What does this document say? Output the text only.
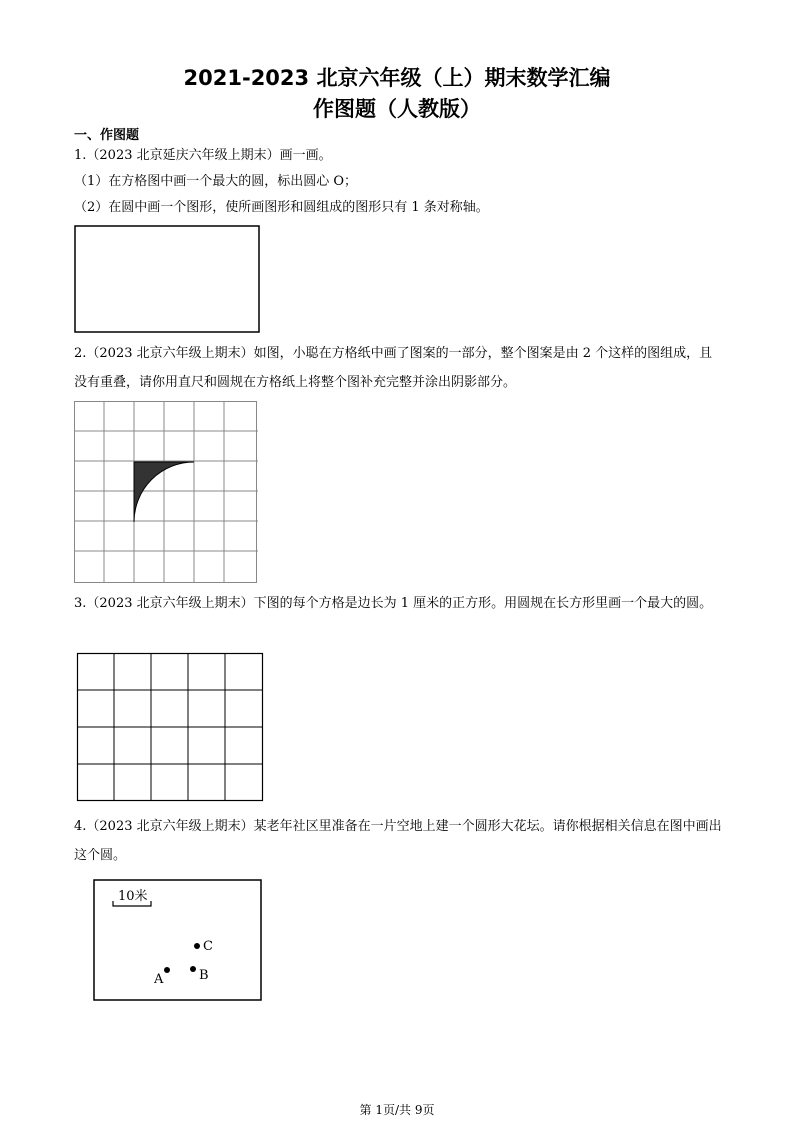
2021-2023 北京六年级（上）期末数学汇编
作图题（人教版）
一、作图题
1.（2023 北京延庆六年级上期末）画一画。
（1）在方格图中画一个最大的圆，标出圆心 O；
（2）在圆中画一个图形，使所画图形和圆组成的图形只有 1 条对称轴。
2.（2023 北京六年级上期末）如图，小聪在方格纸中画了图案的一部分，整个图案是由 2 个这样的图组成，且没有重叠，请你用直尺和圆规在方格纸上将整个图补充完整并涂出阴影部分。
3.（2023 北京六年级上期末）下图的每个方格是边长为 1 厘米的正方形。用圆规在长方形里画一个最大的圆。
4.（2023 北京六年级上期末）某老年社区里准备在一片空地上建一个圆形大花坛。请你根据相关信息在图中画出这个圆。
10米
C
A	B
第 1页/共 9页
